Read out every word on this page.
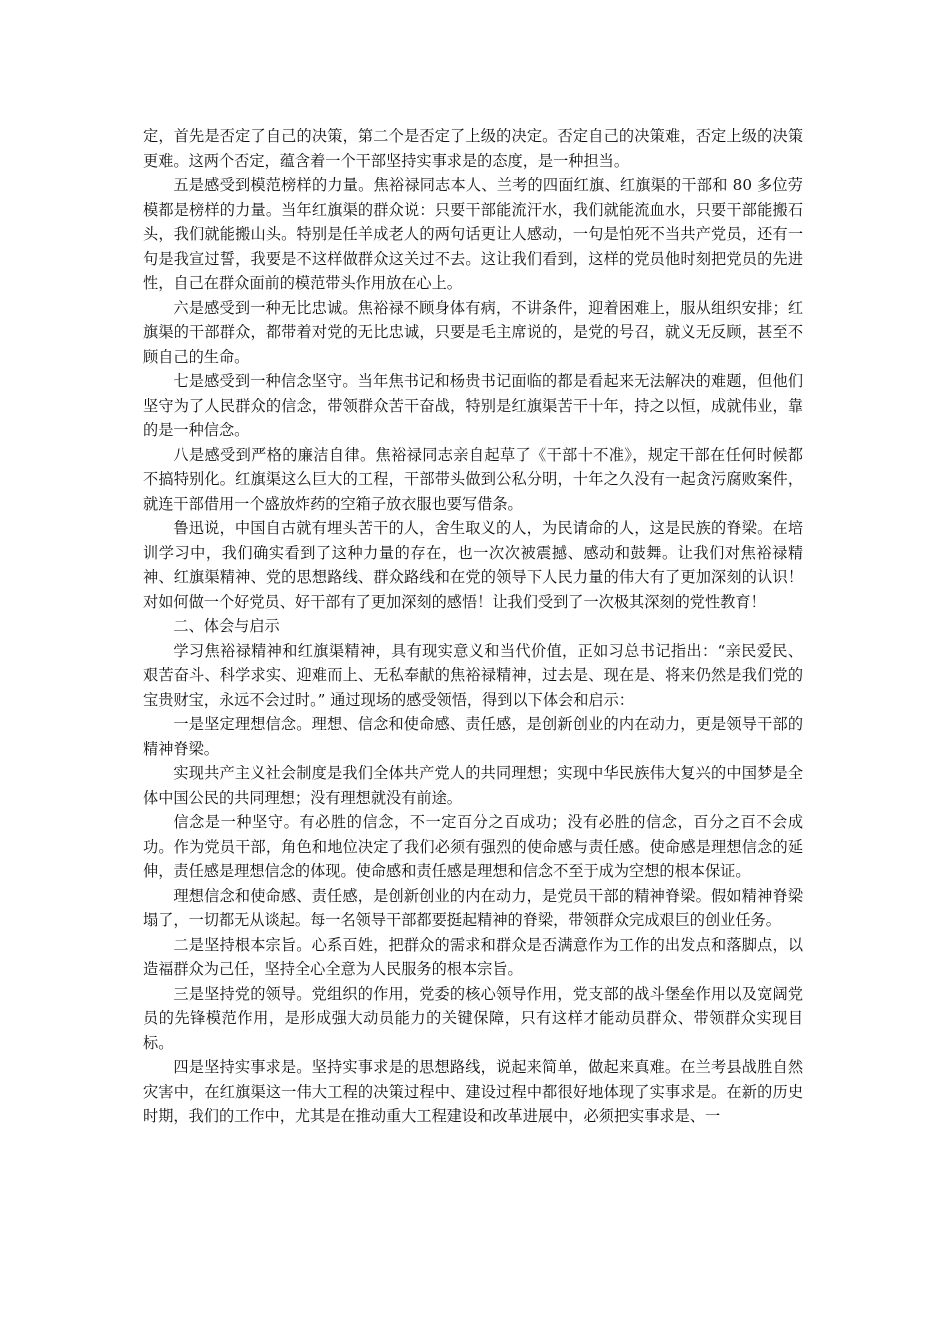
定，首先是否定了自己的决策，第二个是否定了上级的决定。否定自己的决策难，否定上级的决策更难。这两个否定，蕴含着一个干部坚持实事求是的态度，是一种担当。

五是感受到模范榜样的力量。焦裕禄同志本人、兰考的四面红旗、红旗渠的干部和 80 多位劳模都是榜样的力量。当年红旗渠的群众说：只要干部能流汗水，我们就能流血水，只要干部能搬石头，我们就能搬山头。特别是任羊成老人的两句话更让人感动，一句是怕死不当共产党员，还有一句是我宣过誓，我要是不这样做群众这关过不去。这让我们看到，这样的党员他时刻把党员的先进性，自己在群众面前的模范带头作用放在心上。

六是感受到一种无比忠诚。焦裕禄不顾身体有病，不讲条件，迎着困难上，服从组织安排；红旗渠的干部群众，都带着对党的无比忠诚，只要是毛主席说的，是党的号召，就义无反顾，甚至不顾自己的生命。

七是感受到一种信念坚守。当年焦书记和杨贵书记面临的都是看起来无法解决的难题，但他们坚守为了人民群众的信念，带领群众苦干奋战，特别是红旗渠苦干十年，持之以恒，成就伟业，靠的是一种信念。

八是感受到严格的廉洁自律。焦裕禄同志亲自起草了《干部十不准》，规定干部在任何时候都不搞特别化。红旗渠这么巨大的工程，干部带头做到公私分明，十年之久没有一起贪污腐败案件，就连干部借用一个盛放炸药的空箱子放衣服也要写借条。

鲁迅说，中国自古就有埋头苦干的人，舍生取义的人，为民请命的人，这是民族的脊梁。在培训学习中，我们确实看到了这种力量的存在，也一次次被震撼、感动和鼓舞。让我们对焦裕禄精神、红旗渠精神、党的思想路线、群众路线和在党的领导下人民力量的伟大有了更加深刻的认识！对如何做一个好党员、好干部有了更加深刻的感悟！让我们受到了一次极其深刻的党性教育！

二、体会与启示

学习焦裕禄精神和红旗渠精神，具有现实意义和当代价值，正如习总书记指出：“亲民爱民、艰苦奋斗、科学求实、迎难而上、无私奉献的焦裕禄精神，过去是、现在是、将来仍然是我们党的宝贵财宝，永远不会过时。” 通过现场的感受领悟，得到以下体会和启示：

一是坚定理想信念。理想、信念和使命感、责任感，是创新创业的内在动力，更是领导干部的精神脊梁。

实现共产主义社会制度是我们全体共产党人的共同理想；实现中华民族伟大复兴的中国梦是全体中国公民的共同理想；没有理想就没有前途。

信念是一种坚守。有必胜的信念，不一定百分之百成功；没有必胜的信念，百分之百不会成功。作为党员干部，角色和地位决定了我们必须有强烈的使命感与责任感。使命感是理想信念的延伸，责任感是理想信念的体现。使命感和责任感是理想和信念不至于成为空想的根本保证。

理想信念和使命感、责任感，是创新创业的内在动力，是党员干部的精神脊梁。假如精神脊梁塌了，一切都无从谈起。每一名领导干部都要挺起精神的脊梁，带领群众完成艰巨的创业任务。

二是坚持根本宗旨。心系百姓，把群众的需求和群众是否满意作为工作的出发点和落脚点，以造福群众为己任，坚持全心全意为人民服务的根本宗旨。

三是坚持党的领导。党组织的作用，党委的核心领导作用，党支部的战斗堡垒作用以及宽阔党员的先锋模范作用，是形成强大动员能力的关键保障，只有这样才能动员群众、带领群众实现目标。

四是坚持实事求是。坚持实事求是的思想路线，说起来简单，做起来真难。在兰考县战胜自然灾害中，在红旗渠这一伟大工程的决策过程中、建设过程中都很好地体现了实事求是。在新的历史时期，我们的工作中，尤其是在推动重大工程建设和改革进展中，必须把实事求是、一
